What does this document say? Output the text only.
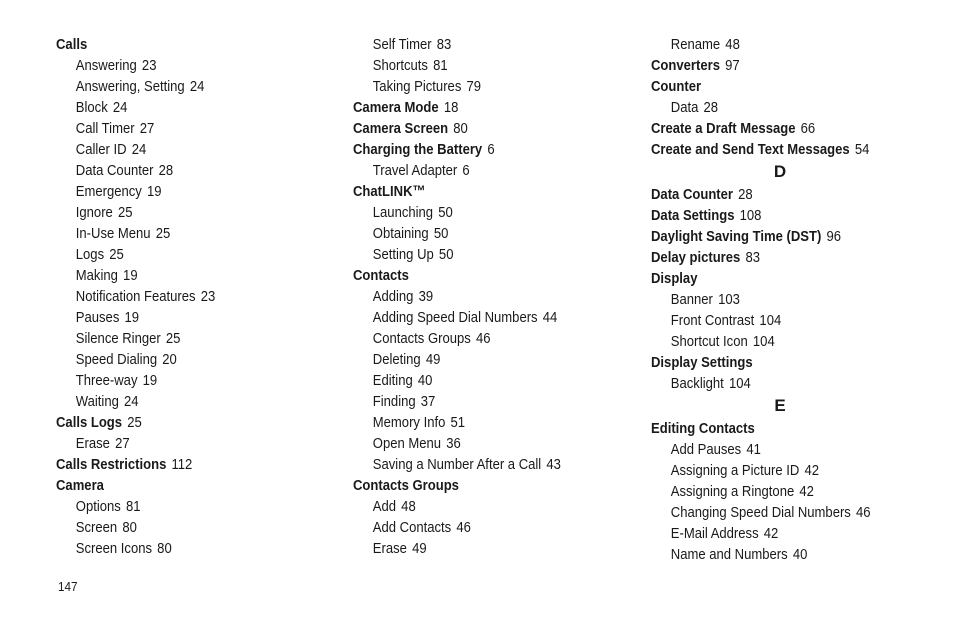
Calls
Answering 23
Answering, Setting 24
Block 24
Call Timer 27
Caller ID 24
Data Counter 28
Emergency 19
Ignore 25
In-Use Menu 25
Logs 25
Making 19
Notification Features 23
Pauses 19
Silence Ringer 25
Speed Dialing 20
Three-way 19
Waiting 24
Calls Logs 25
Erase 27
Calls Restrictions 112
Camera
Options 81
Screen 80
Screen Icons 80
Self Timer 83
Shortcuts 81
Taking Pictures 79
Camera Mode 18
Camera Screen 80
Charging the Battery 6
Travel Adapter 6
ChatLINK™
Launching 50
Obtaining 50
Setting Up 50
Contacts
Adding 39
Adding Speed Dial Numbers 44
Contacts Groups 46
Deleting 49
Editing 40
Finding 37
Memory Info 51
Open Menu 36
Saving a Number After a Call 43
Contacts Groups
Add 48
Add Contacts 46
Erase 49
Rename 48
Converters 97
Counter
Data 28
Create a Draft Message 66
Create and Send Text Messages 54
D
Data Counter 28
Data Settings 108
Daylight Saving Time (DST) 96
Delay pictures 83
Display
Banner 103
Front Contrast 104
Shortcut Icon 104
Display Settings
Backlight 104
E
Editing Contacts
Add Pauses 41
Assigning a Picture ID 42
Assigning a Ringtone 42
Changing Speed Dial Numbers 46
E-Mail Address 42
Name and Numbers 40
147
